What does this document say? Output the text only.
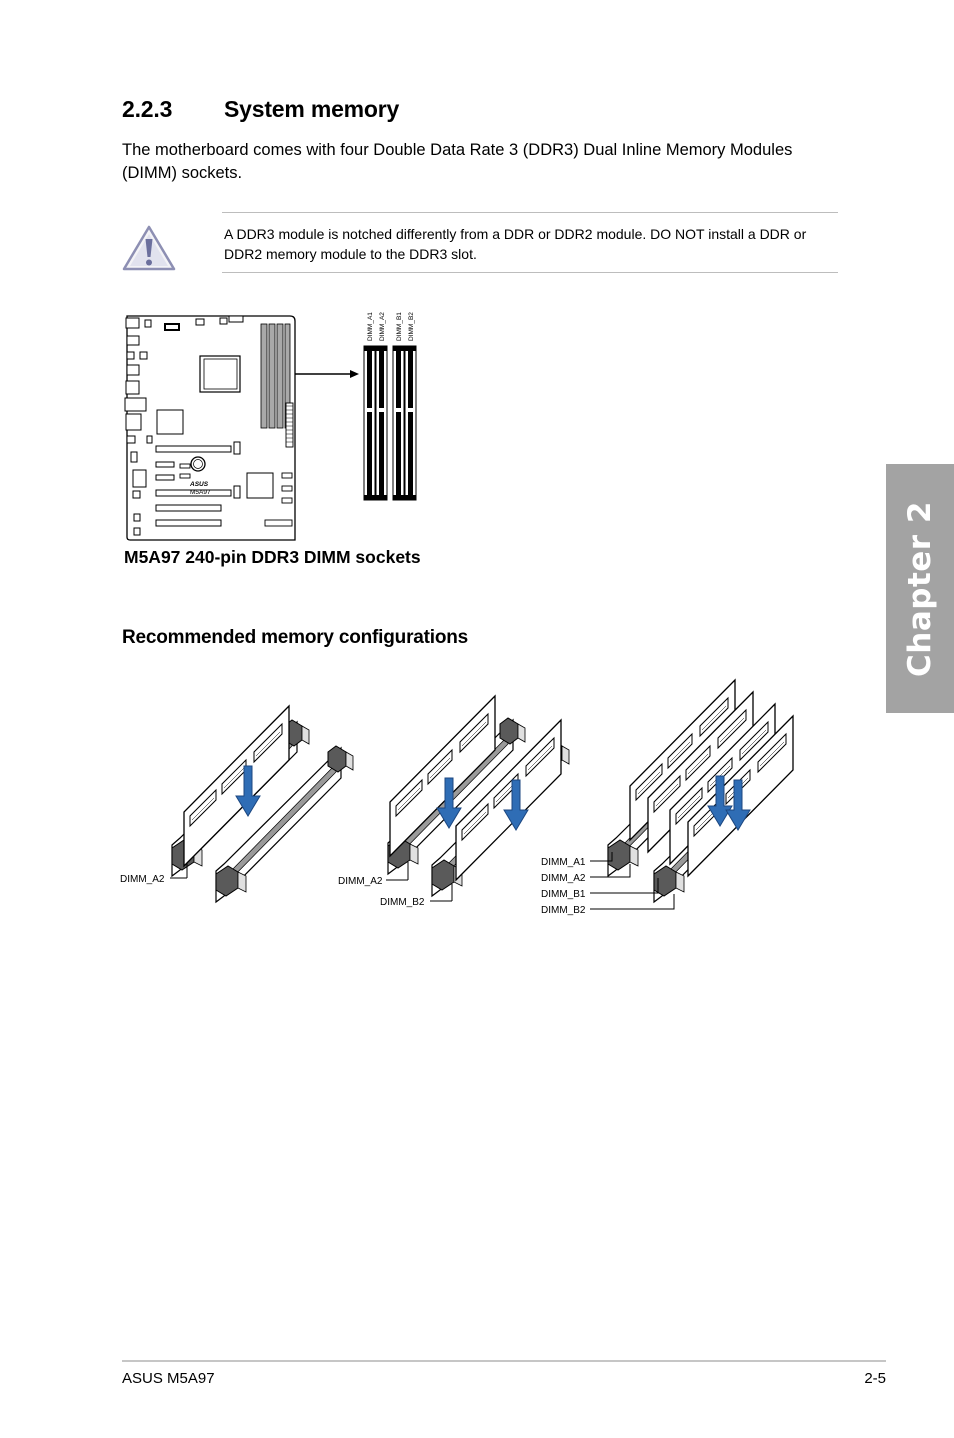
2.2.3 System memory

The motherboard comes with four Double Data Rate 3 (DDR3) Dual Inline Memory Modules (DIMM) sockets.

A DDR3 module is notched differently from a DDR or DDR2 module. DO NOT install a DDR or DDR2 memory module to the DDR3 slot.

ASUS
M5A97
DIMM_A1 DIMM_A2 DIMM_B1 DIMM_B2

M5A97 240-pin DDR3 DIMM sockets

Recommended memory configurations
DIMM_A2	DIMM_A2
DIMM_B2
DIMM_A1
DIMM_A2
DIMM_B1
DIMM_B2
Chapter 2
ASUS M5A97	2-5
